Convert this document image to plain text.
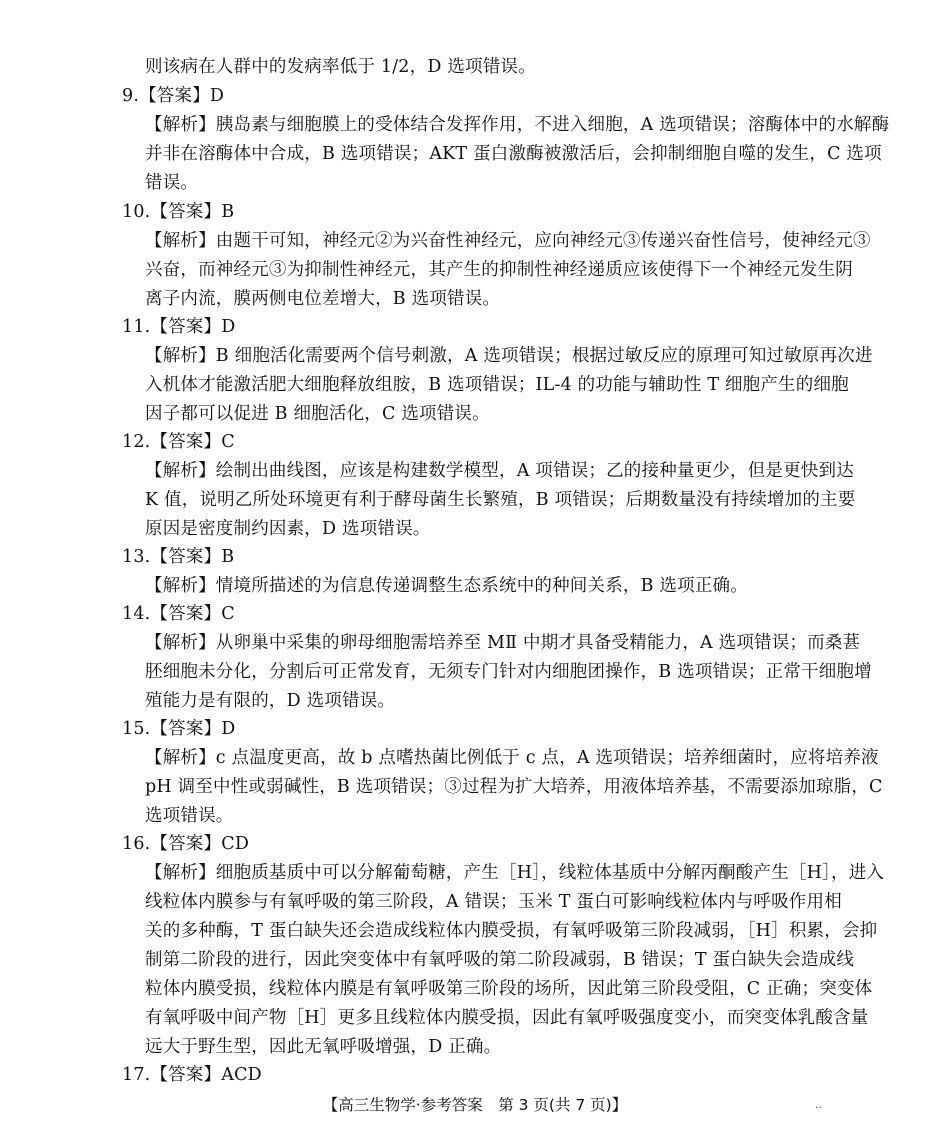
则该病在人群中的发病率低于 1/2，D 选项错误。
9.【答案】D
【解析】胰岛素与细胞膜上的受体结合发挥作用，不进入细胞，A 选项错误；溶酶体中的水解酶
并非在溶酶体中合成，B 选项错误；AKT 蛋白激酶被激活后，会抑制细胞自噬的发生，C 选项
错误。
10.【答案】B
【解析】由题干可知，神经元②为兴奋性神经元，应向神经元③传递兴奋性信号，使神经元③
兴奋，而神经元③为抑制性神经元，其产生的抑制性神经递质应该使得下一个神经元发生阴
离子内流，膜两侧电位差增大，B 选项错误。
11.【答案】D
【解析】B 细胞活化需要两个信号刺激，A 选项错误；根据过敏反应的原理可知过敏原再次进
入机体才能激活肥大细胞释放组胺，B 选项错误；IL-4 的功能与辅助性 T 细胞产生的细胞
因子都可以促进 B 细胞活化，C 选项错误。
12.【答案】C
【解析】绘制出曲线图，应该是构建数学模型，A 项错误；乙的接种量更少，但是更快到达
K 值，说明乙所处环境更有利于酵母菌生长繁殖，B 项错误；后期数量没有持续增加的主要
原因是密度制约因素，D 选项错误。
13.【答案】B
【解析】情境所描述的为信息传递调整生态系统中的种间关系，B 选项正确。
14.【答案】C
【解析】从卵巢中采集的卵母细胞需培养至 MⅡ 中期才具备受精能力，A 选项错误；而桑葚
胚细胞未分化，分割后可正常发育，无须专门针对内细胞团操作，B 选项错误；正常干细胞增
殖能力是有限的，D 选项错误。
15.【答案】D
【解析】c 点温度更高，故 b 点嗜热菌比例低于 c 点，A 选项错误；培养细菌时，应将培养液
pH 调至中性或弱碱性，B 选项错误；③过程为扩大培养，用液体培养基，不需要添加琼脂，C
选项错误。
16.【答案】CD
【解析】细胞质基质中可以分解葡萄糖，产生［H］，线粒体基质中分解丙酮酸产生［H］，进入
线粒体内膜参与有氧呼吸的第三阶段，A 错误；玉米 T 蛋白可影响线粒体内与呼吸作用相
关的多种酶，T 蛋白缺失还会造成线粒体内膜受损，有氧呼吸第三阶段减弱，［H］积累，会抑
制第二阶段的进行，因此突变体中有氧呼吸的第二阶段减弱，B 错误；T 蛋白缺失会造成线
粒体内膜受损，线粒体内膜是有氧呼吸第三阶段的场所，因此第三阶段受阻，C 正确；突变体
有氧呼吸中间产物［H］更多且线粒体内膜受损，因此有氧呼吸强度变小，而突变体乳酸含量
远大于野生型，因此无氧呼吸增强，D 正确。
17.【答案】ACD
【高三生物学·参考答案　第 3 页(共 7 页)】	..
